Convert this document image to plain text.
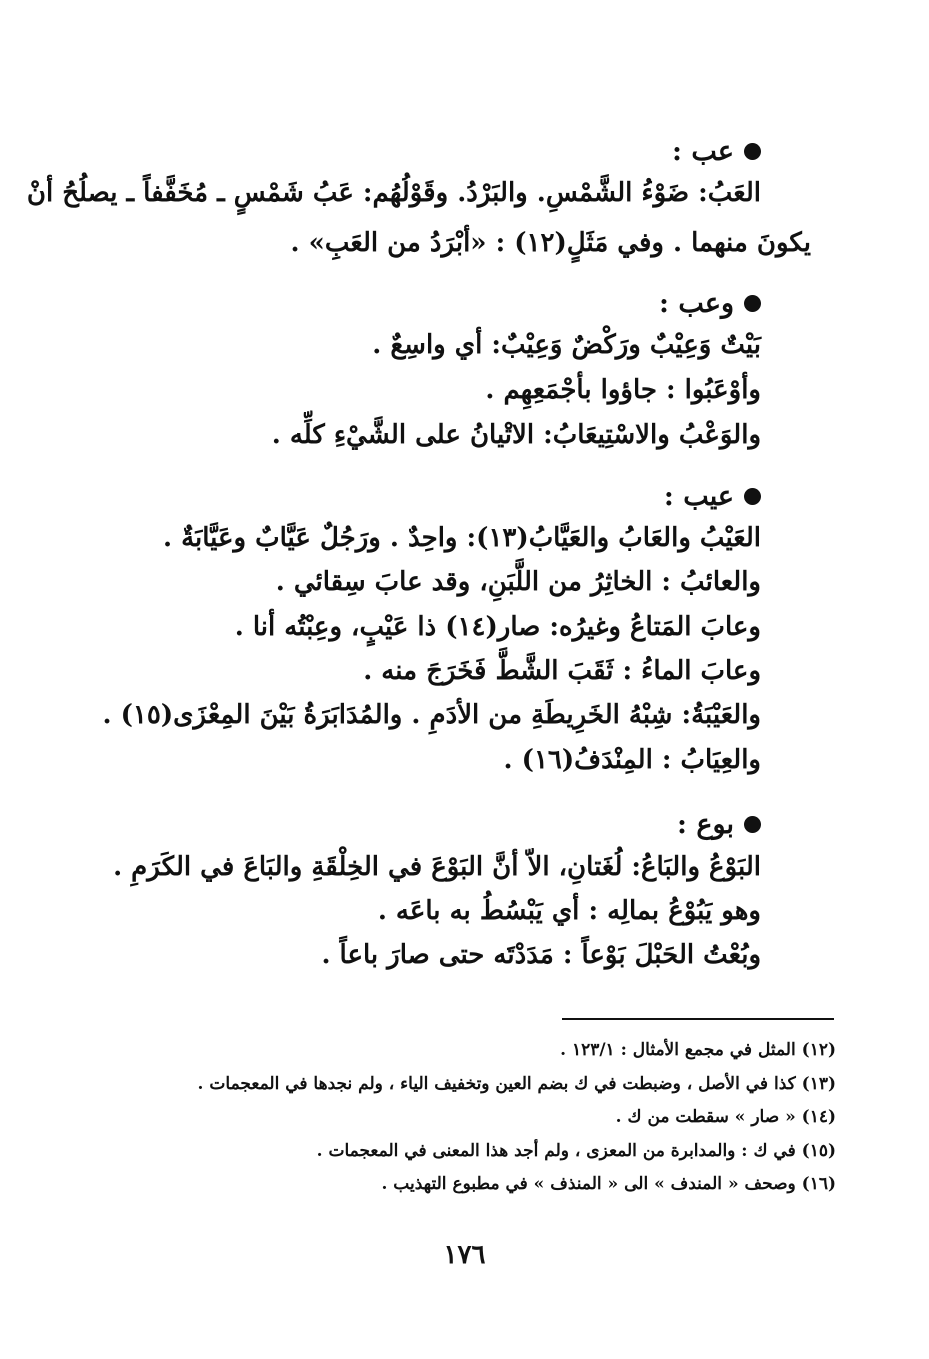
عب :
العَبُ: ضَوْءُ الشَّمْسِ. والبَرْدُ. وقَوْلُهُم: عَبُ شَمْسٍ ـ مُخَفَّفاً ـ يصلُحُ أنْ
يكونَ منهما . وفي مَثَلٍ(١٢) : «أبْرَدُ من العَبِ» .
وعب :
بَيْتٌ وَعِيْبٌ ورَكْضٌ وَعِيْبٌ: أي واسِعٌ .
وأوْعَبُوا : جاؤوا بأجْمَعِهِم .
والوَعْبُ والاسْتِيعَابُ: الاتْيانُ على الشَّيْءِ كلِّه .
عيب :
العَيْبُ والعَابُ والعَيَّابُ(١٣): واحِدٌ . ورَجُلٌ عَيَّابٌ وعَيَّابَةٌ .
والعائبُ : الخاثِرُ من اللَّبَنِ، وقد عابَ سِقائي .
وعابَ المَتاعُ وغيرُه: صار(١٤) ذا عَيْبٍ، وعِبْتُه أنا .
وعابَ الماءُ : ثَقَبَ الشَّطَّ فَخَرَجَ منه .
والعَيْبَةُ: شِبْهُ الخَرِيطَةِ من الأدَمِ . والمُدَابَرَةُ بَيْنَ المِعْزَى(١٥) .
والعِيَابُ : المِنْدَفُ(١٦) .
بوع :
البَوْعُ والبَاعُ: لُغَتانِ، الاّ أنَّ البَوْعَ في الخِلْقَةِ والبَاعَ في الكَرَمِ .
وهو يَبُوْعُ بمالِه : أي يَبْسُطُ به باعَه .
وبُعْتُ الحَبْلَ بَوْعاً : مَدَدْتَه حتى صارَ باعاً .
(١٢) المثل في مجمع الأمثال : ١٢٣/١ .
(١٣) كذا في الأصل ، وضبطت في ك بضم العين وتخفيف الياء ، ولم نجدها في المعجمات .
(١٤) « صار » سقطت من ك .
(١٥) في ك : والمدابرة من المعزى ، ولم أجد هذا المعنى في المعجمات .
(١٦) وصحف « المندف » الى « المنذف » في مطبوع التهذيب .
١٧٦
